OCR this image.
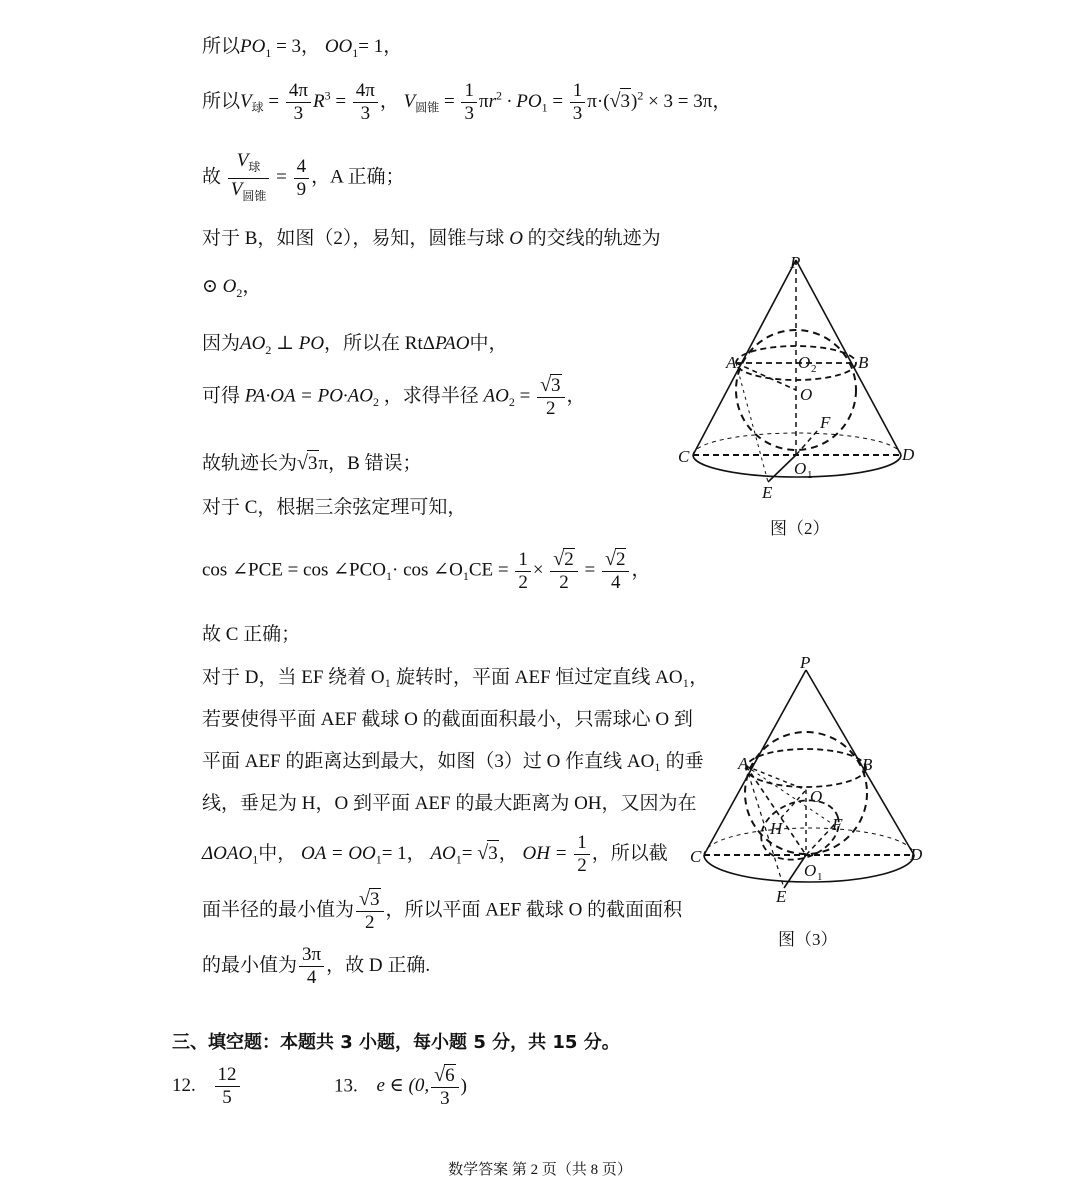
所以$PO_1 = 3$， $OO_1= 1$，
所以$V_球 = \frac{4\pi}{3} R^3 = \frac{4\pi}{3}$ ， $V_{圆锥} = \frac{1}{3} \pi r^2 \cdot PO_1 = \frac{1}{3} \pi\cdot(√3)^2 \times 3 = 3\pi$，
故
$V_球$
$V_{圆锥}$
= $\frac{4}{9}$ ，A 正确；
对于 B，如图（2），易知，圆锥与球 O 的交线的轨迹为
⊙ $O_2$，
因为$AO_2$ ⊥ PO，所以在 RtΔPAO中，
可得 $PA\cdot OA = PO\cdot AO_2$ ，求得半径 $AO_2 = \frac{√3}{2}$ ，
故轨迹长为√3π，B 错误；
对于 C，根据三余弦定理可知，
cos ∠PCE = $\cos \angle PCO_1\cdot \cos$ $\angle O_1CE = \frac{1}{2} \times \frac{√2}{2} = \frac{√2}{4}$ ，
故 C 正确；
对于 D，当 EF 绕着 O₁ 旋转时，平面 AEF 恒过定直线 AO₁，
若要使得平面 AEF 截球 O 的截面面积最小，只需球心 O 到
平面 AEF 的距离达到最大，如图（3）过 O 作直线 AO₁ 的垂
线，垂足为 H，O 到平面 AEF 的最大距离为 OH，又因为在
$\Delta OAO_1$中， OA = $OO_1= 1$， $AO_1= √3$， OH = $\frac{1}{2}$ ，所以截
面半径的最小值为 $\frac{√3}{2}$ ，所以平面 AEF 截球 O 的截面面积
的最小值为 $\frac{3\pi}{4}$ ，故 D 正确.
三、填空题：本题共 3 小题，每小题 5 分，共 15 分。
12. $\frac{12}{5}$	13. e ∈ (0, $\frac{√6}{3}$ )
P
A	B
O 2
O
F
C	D
O 1
E
图（2）
P
A	B
O
H	F
C	D
O 1
E
图（3）
数学答案 第 2 页（共 8 页）
